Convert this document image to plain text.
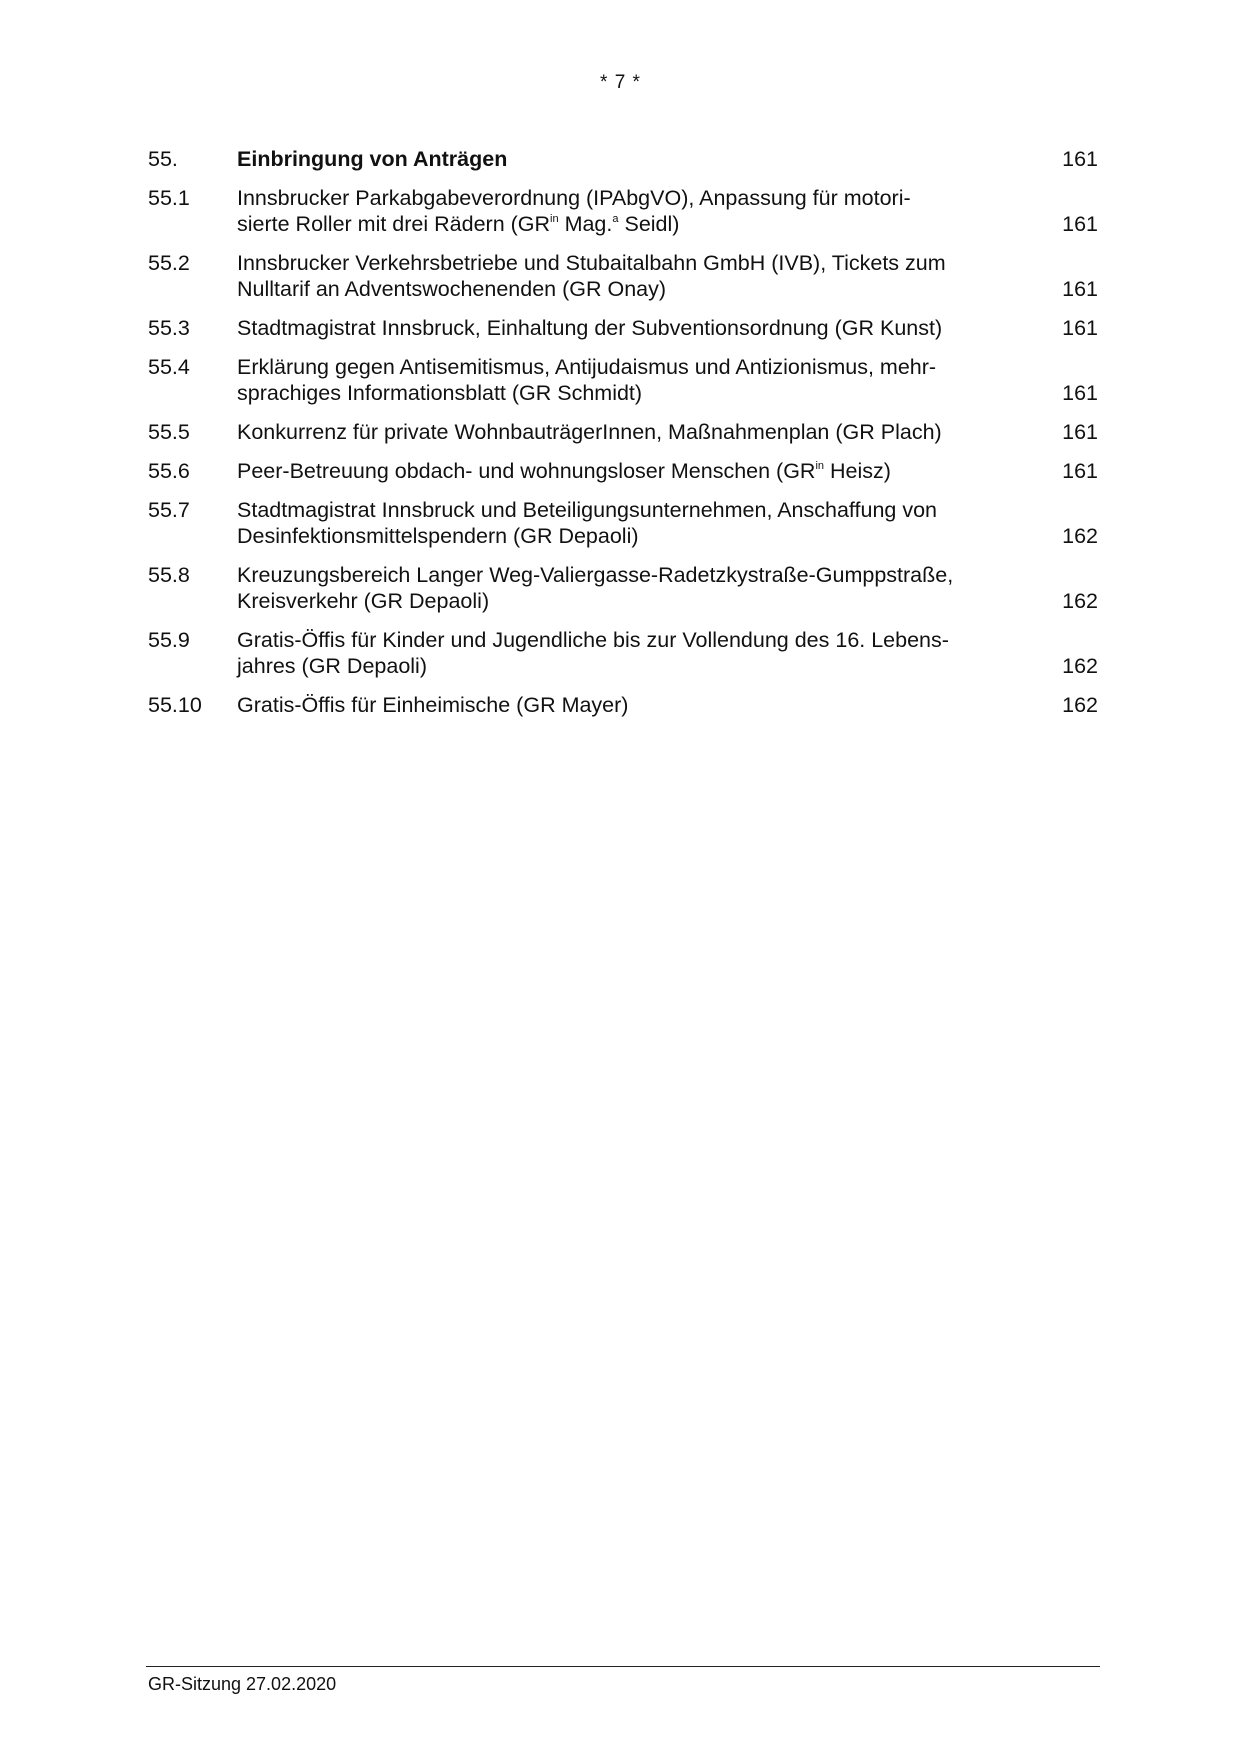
* 7 *
55.	Einbringung von Anträgen	161
55.1	Innsbrucker Parkabgabeverordnung (IPAbgVO), Anpassung für motori-
sierte Roller mit drei Rädern ($GR^{in}$ Mag.$^a$ Seidl)	161
55.2	Innsbrucker Verkehrsbetriebe und Stubaitalbahn GmbH (IVB), Tickets zum
Nulltarif an Adventswochenenden (GR Onay)	161
55.3	Stadtmagistrat Innsbruck, Einhaltung der Subventionsordnung (GR Kunst)	161
55.4	Erklärung gegen Antisemitismus, Antijudaismus und Antizionismus, mehr-
sprachiges Informationsblatt (GR Schmidt)	161
55.5	Konkurrenz für private WohnbauträgerInnen, Maßnahmenplan (GR Plach)	161
55.6	Peer-Betreuung obdach- und wohnungsloser Menschen ($GR^{in}$ Heisz)	161
55.7	Stadtmagistrat Innsbruck und Beteiligungsunternehmen, Anschaffung von
Desinfektionsmittelspendern (GR Depaoli)	162
55.8	Kreuzungsbereich Langer Weg-Valiergasse-Radetzkystraße-Gumppstraße,
Kreisverkehr (GR Depaoli)	162
55.9	Gratis-Öffis für Kinder und Jugendliche bis zur Vollendung des 16. Lebens-
jahres (GR Depaoli)	162
55.10	Gratis-Öffis für Einheimische (GR Mayer)	162
GR-Sitzung 27.02.2020
